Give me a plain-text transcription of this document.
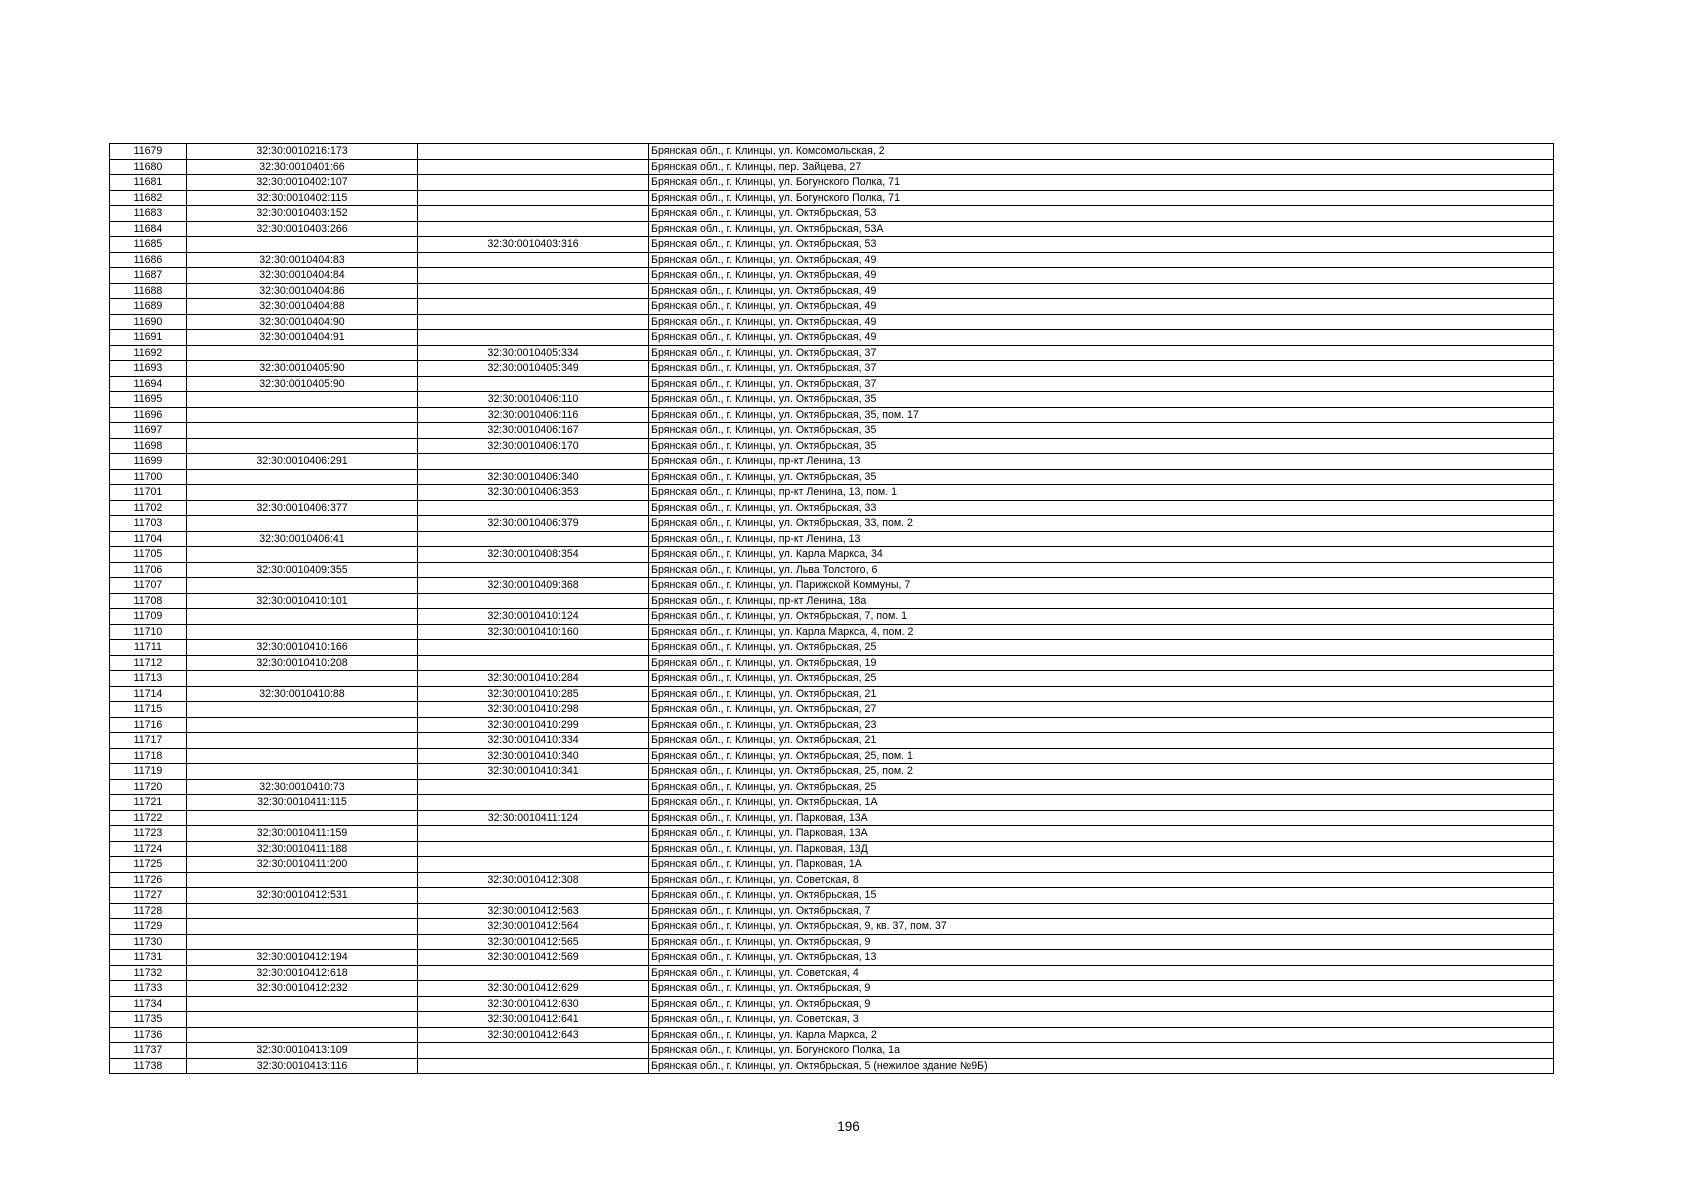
11679	32:30:0010216:173		Брянская обл., г. Клинцы, ул. Комсомольская, 2
11680	32:30:0010401:66		Брянская обл., г. Клинцы, пер. Зайцева, 27
11681	32:30:0010402:107		Брянская обл., г. Клинцы, ул. Богунского Полка, 71
11682	32:30:0010402:115		Брянская обл., г. Клинцы, ул. Богунского Полка, 71
11683	32:30:0010403:152		Брянская обл., г. Клинцы, ул. Октябрьская, 53
11684	32:30:0010403:266		Брянская обл., г. Клинцы, ул. Октябрьская, 53А
11685		32:30:0010403:316	Брянская обл., г. Клинцы, ул. Октябрьская, 53
11686	32:30:0010404:83		Брянская обл., г. Клинцы, ул. Октябрьская, 49
11687	32:30:0010404:84		Брянская обл., г. Клинцы, ул. Октябрьская, 49
11688	32:30:0010404:86		Брянская обл., г. Клинцы, ул. Октябрьская, 49
11689	32:30:0010404:88		Брянская обл., г. Клинцы, ул. Октябрьская, 49
11690	32:30:0010404:90		Брянская обл., г. Клинцы, ул. Октябрьская, 49
11691	32:30:0010404:91		Брянская обл., г. Клинцы, ул. Октябрьская, 49
11692		32:30:0010405:334	Брянская обл., г. Клинцы, ул. Октябрьская, 37
11693	32:30:0010405:90	32:30:0010405:349	Брянская обл., г. Клинцы, ул. Октябрьская, 37
11694	32:30:0010405:90		Брянская обл., г. Клинцы, ул. Октябрьская, 37
11695		32:30:0010406:110	Брянская обл., г. Клинцы, ул. Октябрьская, 35
11696		32:30:0010406:116	Брянская обл., г. Клинцы, ул. Октябрьская, 35, пом. 17
11697		32:30:0010406:167	Брянская обл., г. Клинцы, ул. Октябрьская, 35
11698		32:30:0010406:170	Брянская обл., г. Клинцы, ул. Октябрьская, 35
11699	32:30:0010406:291		Брянская обл., г. Клинцы, пр-кт Ленина, 13
11700		32:30:0010406:340	Брянская обл., г. Клинцы, ул. Октябрьская, 35
11701		32:30:0010406:353	Брянская обл., г. Клинцы, пр-кт Ленина, 13, пом. 1
11702	32:30:0010406:377		Брянская обл., г. Клинцы, ул. Октябрьская, 33
11703		32:30:0010406:379	Брянская обл., г. Клинцы, ул. Октябрьская, 33, пом. 2
11704	32:30:0010406:41		Брянская обл., г. Клинцы, пр-кт Ленина, 13
11705		32:30:0010408:354	Брянская обл., г. Клинцы, ул. Карла Маркса, 34
11706	32:30:0010409:355		Брянская обл., г. Клинцы, ул. Льва Толстого, 6
11707		32:30:0010409:368	Брянская обл., г. Клинцы, ул. Парижской Коммуны, 7
11708	32:30:0010410:101		Брянская обл., г. Клинцы, пр-кт Ленина, 18а
11709		32:30:0010410:124	Брянская обл., г. Клинцы, ул. Октябрьская, 7, пом. 1
11710		32:30:0010410:160	Брянская обл., г. Клинцы, ул. Карла Маркса, 4, пом. 2
11711	32:30:0010410:166		Брянская обл., г. Клинцы, ул. Октябрьская, 25
11712	32:30:0010410:208		Брянская обл., г. Клинцы, ул. Октябрьская, 19
11713		32:30:0010410:284	Брянская обл., г. Клинцы, ул. Октябрьская, 25
11714	32:30:0010410:88	32:30:0010410:285	Брянская обл., г. Клинцы, ул. Октябрьская, 21
11715		32:30:0010410:298	Брянская обл., г. Клинцы, ул. Октябрьская, 27
11716		32:30:0010410:299	Брянская обл., г. Клинцы, ул. Октябрьская, 23
11717		32:30:0010410:334	Брянская обл., г. Клинцы, ул. Октябрьская, 21
11718		32:30:0010410:340	Брянская обл., г. Клинцы, ул. Октябрьская, 25, пом. 1
11719		32:30:0010410:341	Брянская обл., г. Клинцы, ул. Октябрьская, 25, пом. 2
11720	32:30:0010410:73		Брянская обл., г. Клинцы, ул. Октябрьская, 25
11721	32:30:0010411:115		Брянская обл., г. Клинцы, ул. Октябрьская, 1А
11722		32:30:0010411:124	Брянская обл., г. Клинцы, ул. Парковая, 13А
11723	32:30:0010411:159		Брянская обл., г. Клинцы, ул. Парковая, 13А
11724	32:30:0010411:188		Брянская обл., г. Клинцы, ул. Парковая, 13Д
11725	32:30:0010411:200		Брянская обл., г. Клинцы, ул. Парковая, 1А
11726		32:30:0010412:308	Брянская обл., г. Клинцы, ул. Советская, 8
11727	32:30:0010412:531		Брянская обл., г. Клинцы, ул. Октябрьская, 15
11728		32:30:0010412:563	Брянская обл., г. Клинцы, ул. Октябрьская, 7
11729		32:30:0010412:564	Брянская обл., г. Клинцы, ул. Октябрьская, 9, кв. 37, пом. 37
11730		32:30:0010412:565	Брянская обл., г. Клинцы, ул. Октябрьская, 9
11731	32:30:0010412:194	32:30:0010412:569	Брянская обл., г. Клинцы, ул. Октябрьская, 13
11732	32:30:0010412:618		Брянская обл., г. Клинцы, ул. Советская, 4
11733	32:30:0010412:232	32:30:0010412:629	Брянская обл., г. Клинцы, ул. Октябрьская, 9
11734		32:30:0010412:630	Брянская обл., г. Клинцы, ул. Октябрьская, 9
11735		32:30:0010412:641	Брянская обл., г. Клинцы, ул. Советская, 3
11736		32:30:0010412:643	Брянская обл., г. Клинцы, ул. Карла Маркса, 2
11737	32:30:0010413:109		Брянская обл., г. Клинцы, ул. Богунского Полка, 1а
11738	32:30:0010413:116		Брянская обл., г. Клинцы, ул. Октябрьская, 5 (нежилое здание №9Б)
196
